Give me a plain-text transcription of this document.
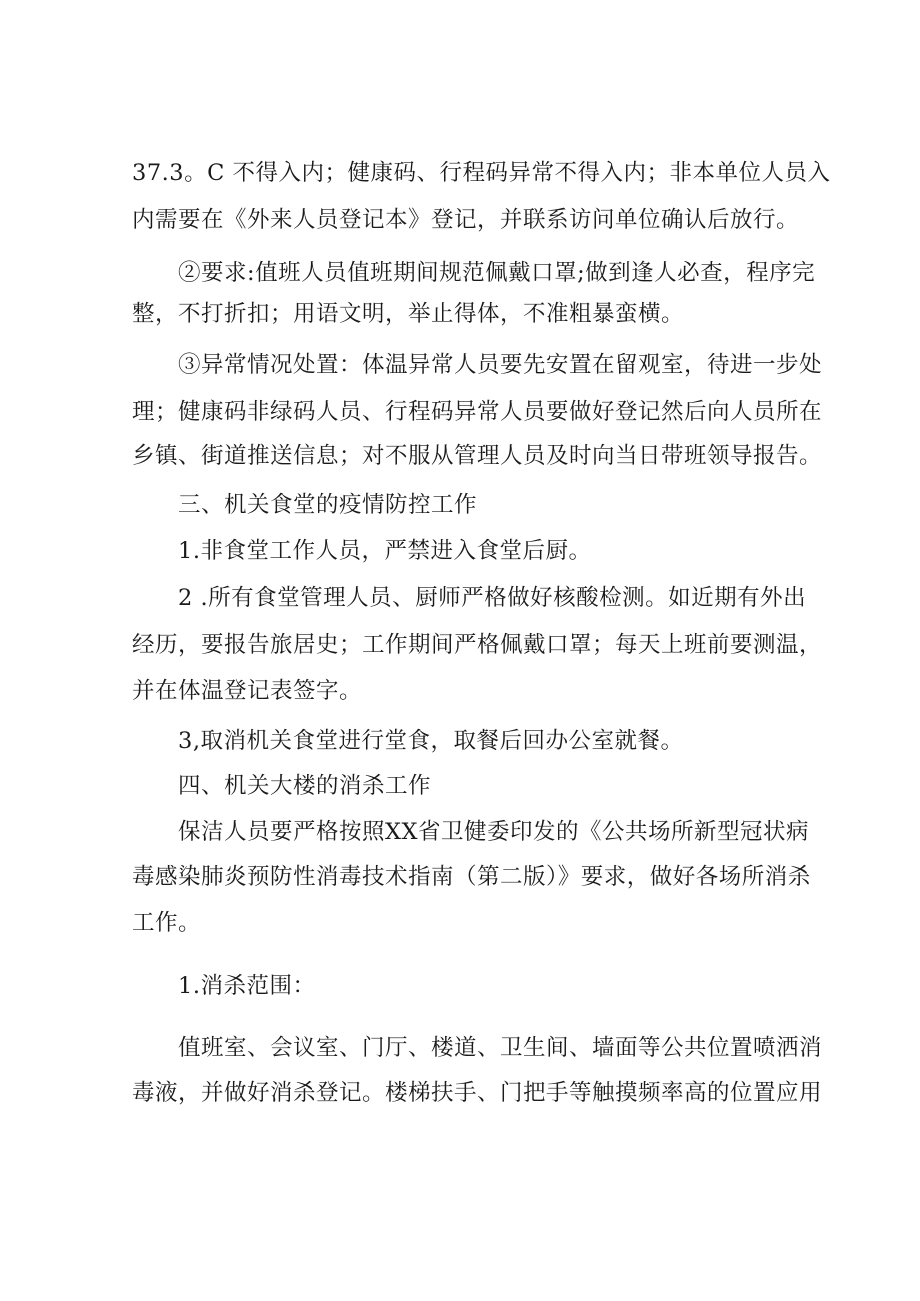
37.3。C 不得入内；健康码、行程码异常不得入内；非本单位人员入
内需要在《外来人员登记本》登记，并联系访问单位确认后放行。
②要求:值班人员值班期间规范佩戴口罩;做到逢人必查，程序完
整，不打折扣；用语文明，举止得体，不准粗暴蛮横。
③异常情况处置：体温异常人员要先安置在留观室，待进一步处
理；健康码非绿码人员、行程码异常人员要做好登记然后向人员所在
乡镇、街道推送信息；对不服从管理人员及时向当日带班领导报告。
三、机关食堂的疫情防控工作
1.非食堂工作人员，严禁进入食堂后厨。
2 .所有食堂管理人员、厨师严格做好核酸检测。如近期有外出
经历，要报告旅居史；工作期间严格佩戴口罩；每天上班前要测温，
并在体温登记表签字。
3,取消机关食堂进行堂食，取餐后回办公室就餐。
四、机关大楼的消杀工作
保洁人员要严格按照XX省卫健委印发的《公共场所新型冠状病
毒感染肺炎预防性消毒技术指南（第二版）》要求，做好各场所消杀
工作。
1.消杀范围：
值班室、会议室、门厅、楼道、卫生间、墙面等公共位置喷洒消
毒液，并做好消杀登记。楼梯扶手、门把手等触摸频率高的位置应用
